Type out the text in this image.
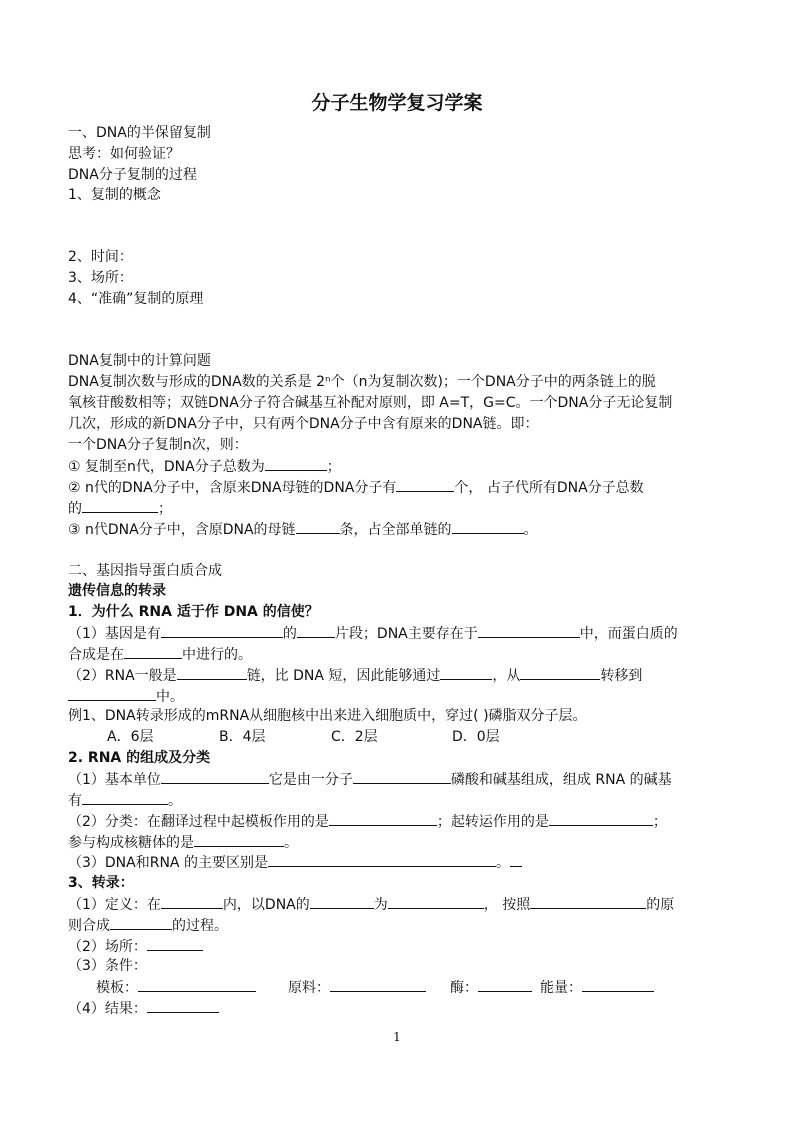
分子生物学复习学案
一、DNA的半保留复制
思考：如何验证？
DNA分子复制的过程
1、复制的概念
2、时间：
3、场所：
4、“准确”复制的原理
DNA复制中的计算问题
DNA复制次数与形成的DNA数的关系是 2ⁿ个（n为复制次数)；一个DNA分子中的两条链上的脱
氧核苷酸数相等；双链DNA分子符合碱基互补配对原则，即 A=T，G=C。一个DNA分子无论复制
几次，形成的新DNA分子中，只有两个DNA分子中含有原来的DNA链。即：
一个DNA分子复制n次，则：
① 复制至n代，DNA分子总数为	；
② n代的DNA分子中，含原来DNA母链的DNA分子有	个， 占子代所有DNA分子总数
的	；
③ n代DNA分子中，含原DNA的母链	条，占全部单链的	。
二、基因指导蛋白质合成
遗传信息的转录
1．为什么 RNA 适于作 DNA 的信使？
（1）基因是有	的	片段；DNA主要存在于	中，而蛋白质的
合成是在	中进行的。
（2）RNA一般是	链，比 DNA 短，因此能够通过	，从	转移到
中。
例1、DNA转录形成的mRNA从细胞核中出来进入细胞质中，穿过( )磷脂双分子层。
A．6层	B．4层	C．2层	D．0层
2. RNA 的组成及分类
（1）基本单位	它是由一分子	磷酸和碱基组成，组成 RNA 的碱基
有	。
（2）分类：在翻译过程中起模板作用的是	；起转运作用的是	；
参与构成核糖体的是	。
（3）DNA和RNA 的主要区别是	。
3、转录：
（1）定义：在	内，以DNA的	为	， 按照	的原
则合成	的过程。
（2）场所：
（3）条件：
模板：	原料：	酶：	能量：
（4）结果：
1
